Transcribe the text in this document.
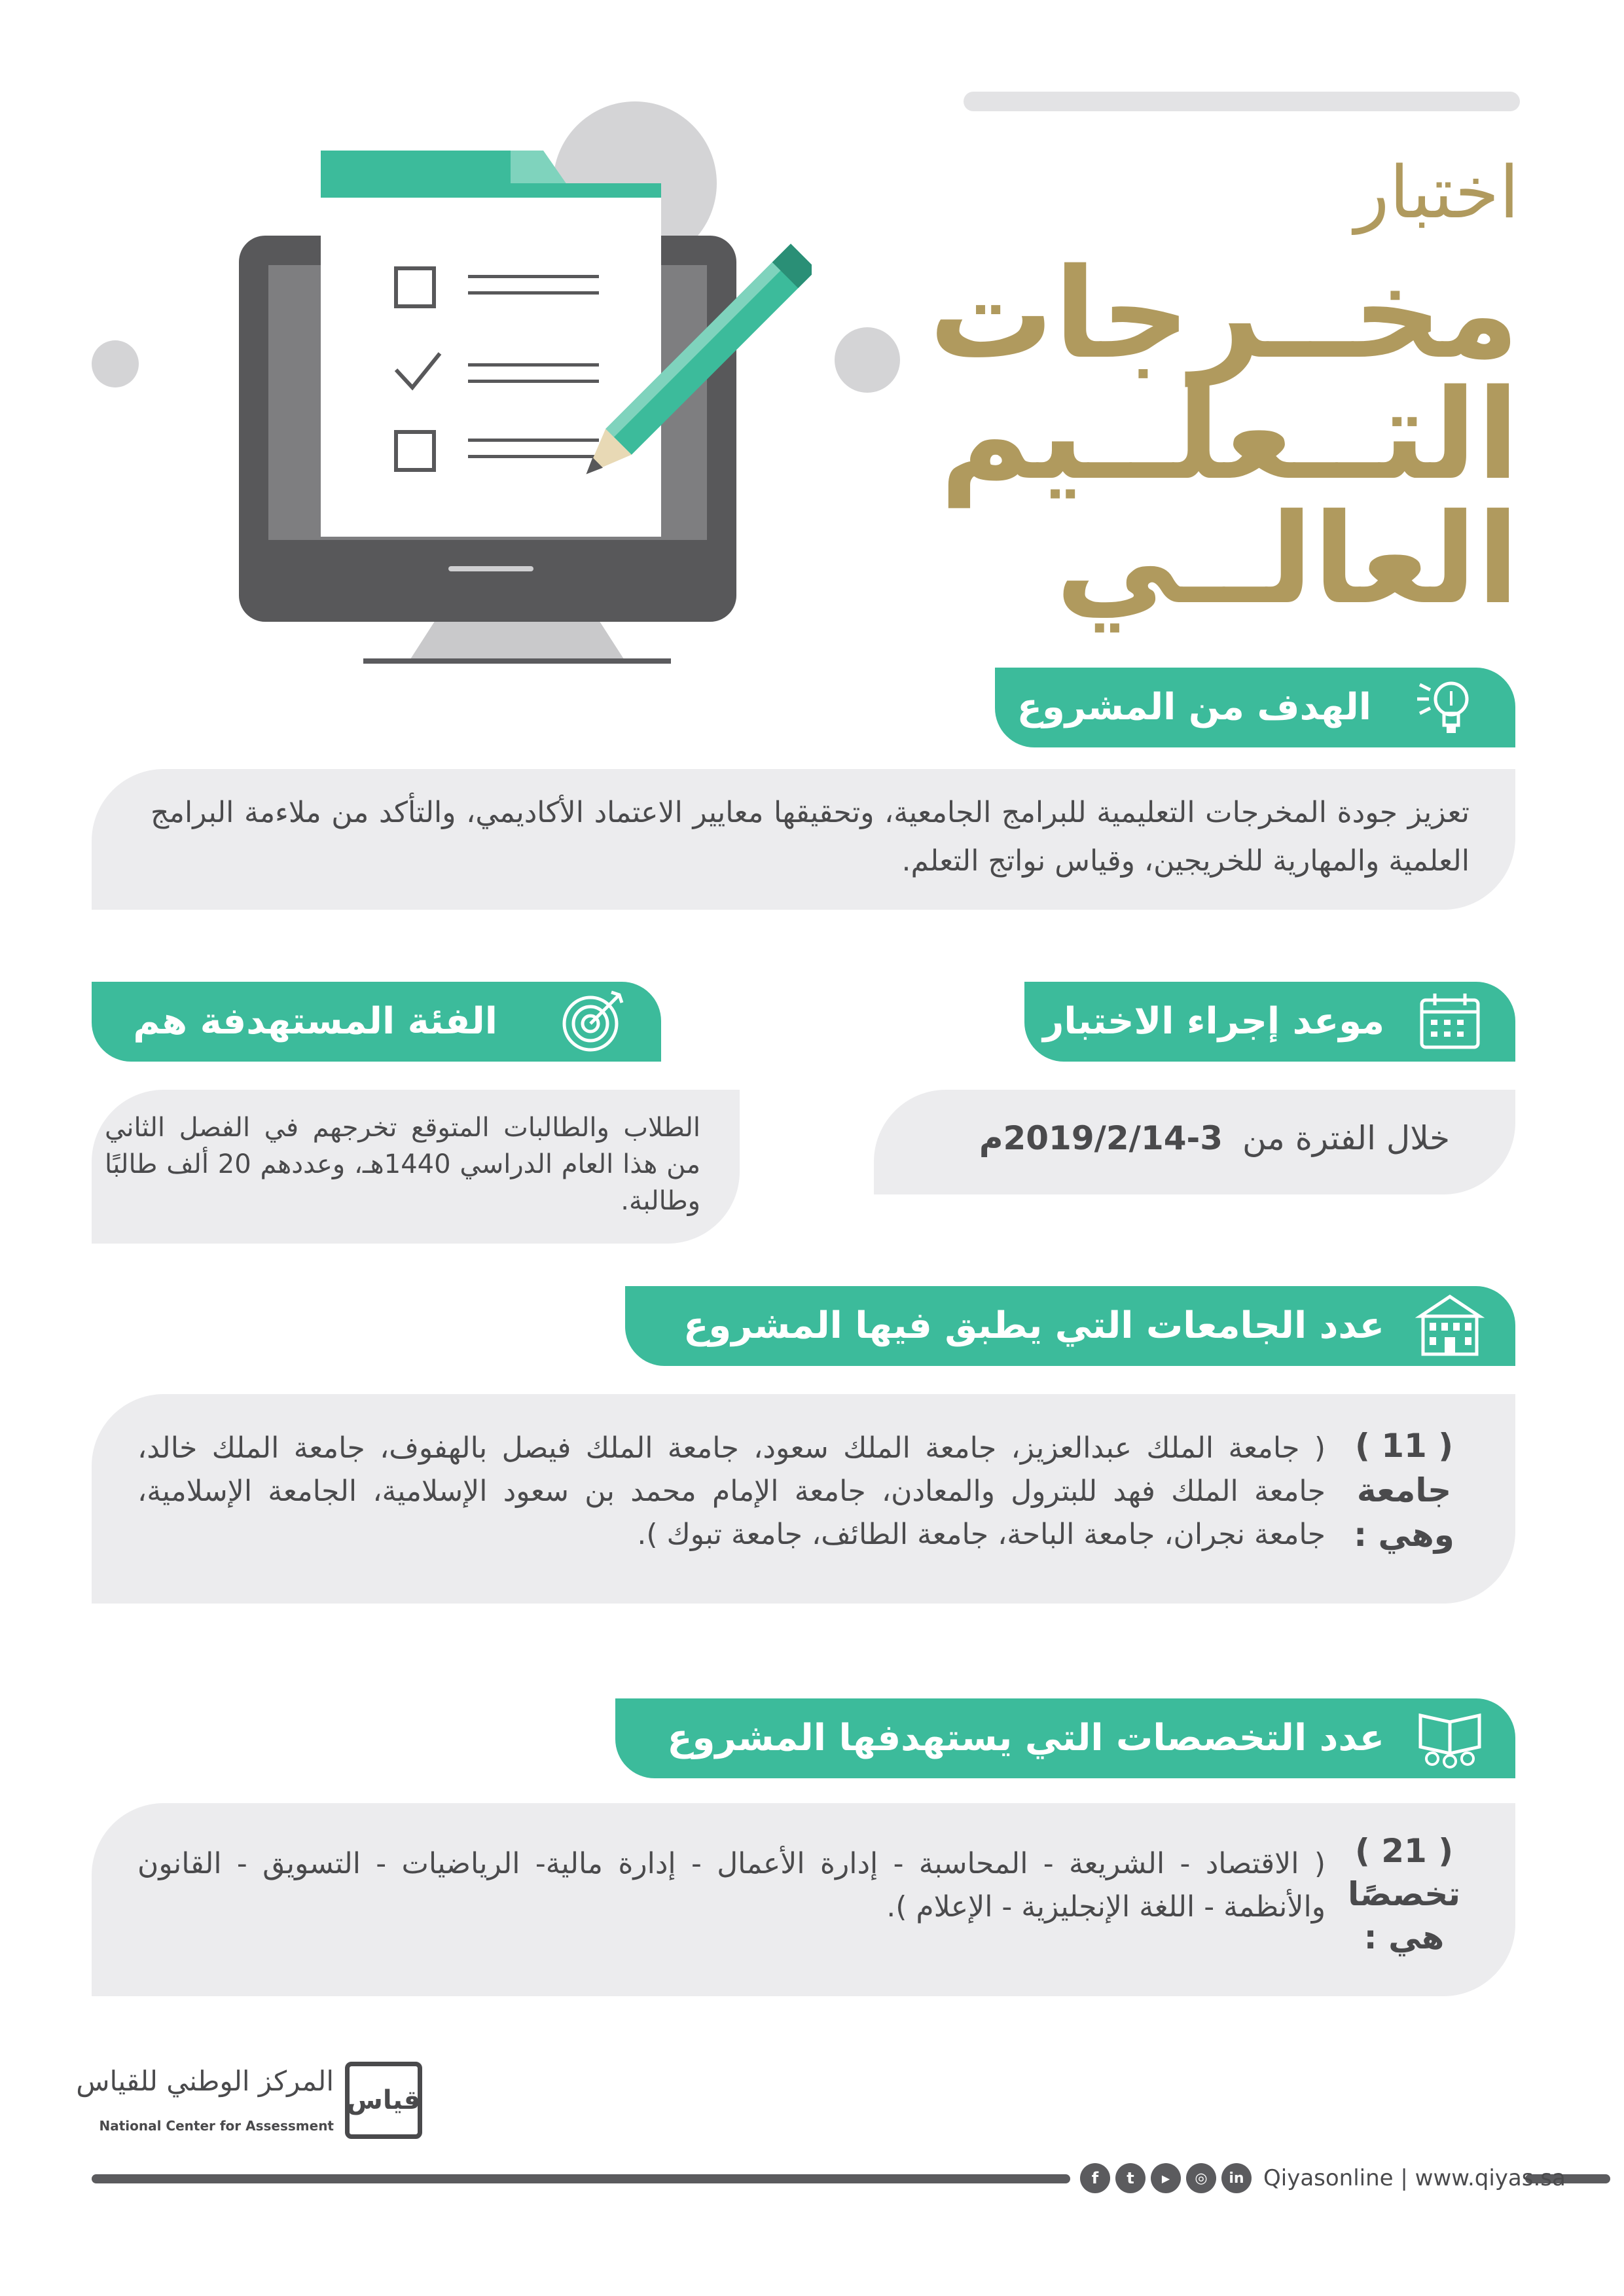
اختبار
مخــرجات
التــعلــيم
العالــي
الهدف من المشروع
تعزيز جودة المخرجات التعليمية للبرامج الجامعية، وتحقيقها معايير الاعتماد الأكاديمي، والتأكد من ملاءمة البرامج العلمية والمهارية للخريجين، وقياس نواتج التعلم.
موعد إجراء الاختبار
خلال الفترة من 3-2019/2/14م
الفئة المستهدفة هم
الطلاب والطالبات المتوقع تخرجهم في الفصل الثاني من هذا العام الدراسي 1440هـ، وعددهم 20 ألف طالبًا وطالبة.
عدد الجامعات التي يطبق فيها المشروع
( 11 )
جامعة
وهي :
( جامعة الملك عبدالعزيز، جامعة الملك سعود، جامعة الملك فيصل بالهفوف، جامعة الملك خالد، جامعة الملك فهد للبترول والمعادن، جامعة الإمام محمد بن سعود الإسلامية، الجامعة الإسلامية، جامعة نجران، جامعة الباحة، جامعة الطائف، جامعة تبوك ).
عدد التخصصات التي يستهدفها المشروع
( 21 )
تخصصًا
هي :
( الاقتصاد - الشريعة - المحاسبة - إدارة الأعمال - إدارة مالية- الرياضيات - التسويق - القانون والأنظمة - اللغة الإنجليزية - الإعلام ).
قياس
المركز الوطني للقياس
National Center for Assessment
f	t	▶	◎	in Qiyasonline | www.qiyas.sa
